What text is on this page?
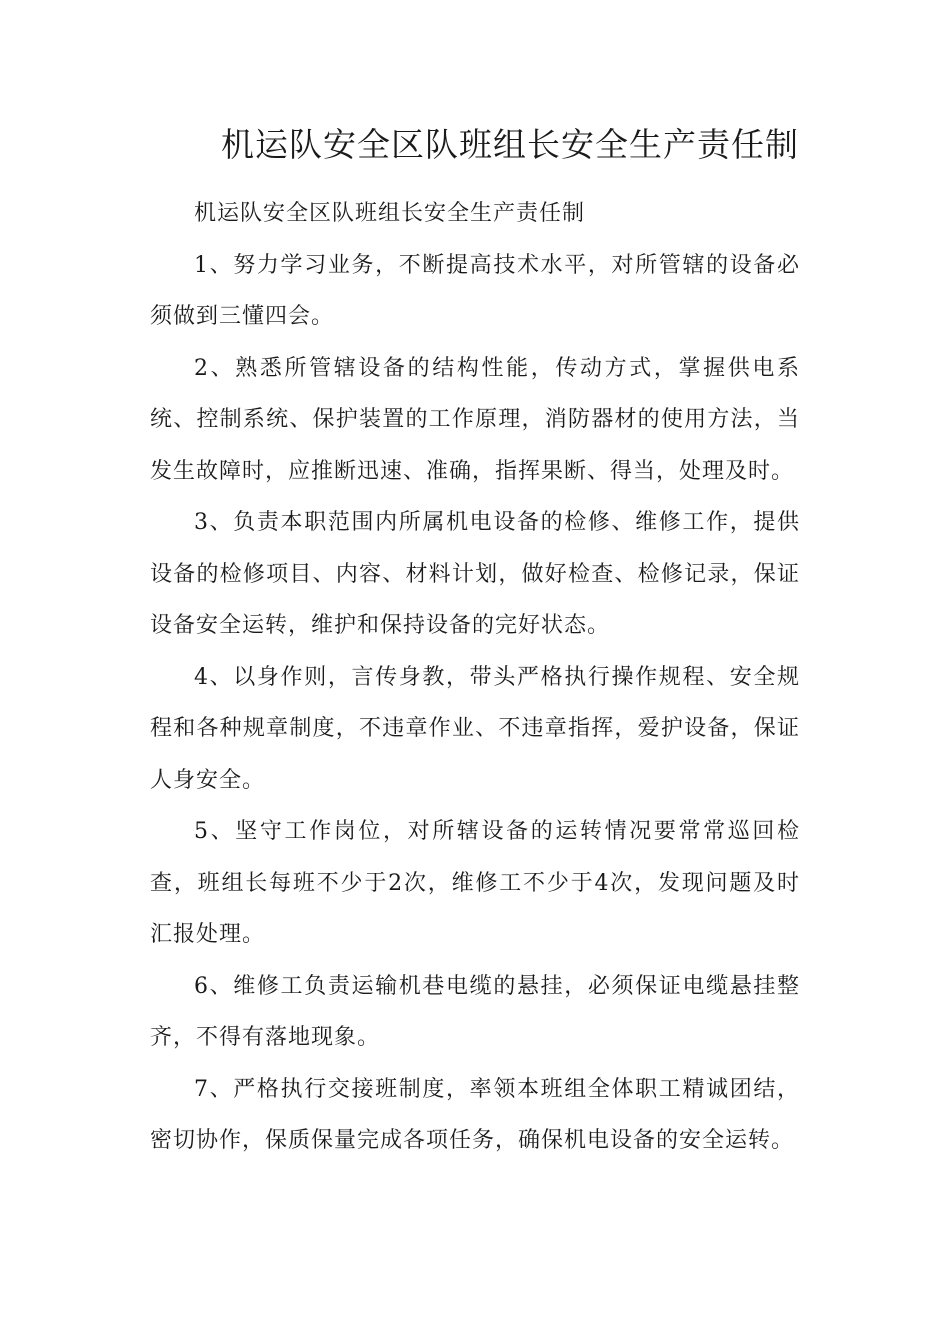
机运队安全区队班组长安全生产责任制

机运队安全区队班组长安全生产责任制

1、努力学习业务，不断提高技术水平，对所管辖的设备必须做到三懂四会。

2、熟悉所管辖设备的结构性能，传动方式，掌握供电系统、控制系统、保护装置的工作原理，消防器材的使用方法，当发生故障时，应推断迅速、准确，指挥果断、得当，处理及时。

3、负责本职范围内所属机电设备的检修、维修工作，提供设备的检修项目、内容、材料计划，做好检查、检修记录，保证设备安全运转，维护和保持设备的完好状态。

4、以身作则，言传身教，带头严格执行操作规程、安全规程和各种规章制度，不违章作业、不违章指挥，爱护设备，保证人身安全。

5、坚守工作岗位，对所辖设备的运转情况要常常巡回检查，班组长每班不少于2次，维修工不少于4次，发现问题及时汇报处理。

6、维修工负责运输机巷电缆的悬挂，必须保证电缆悬挂整齐，不得有落地现象。

7、严格执行交接班制度，率领本班组全体职工精诚团结，密切协作，保质保量完成各项任务，确保机电设备的安全运转。
